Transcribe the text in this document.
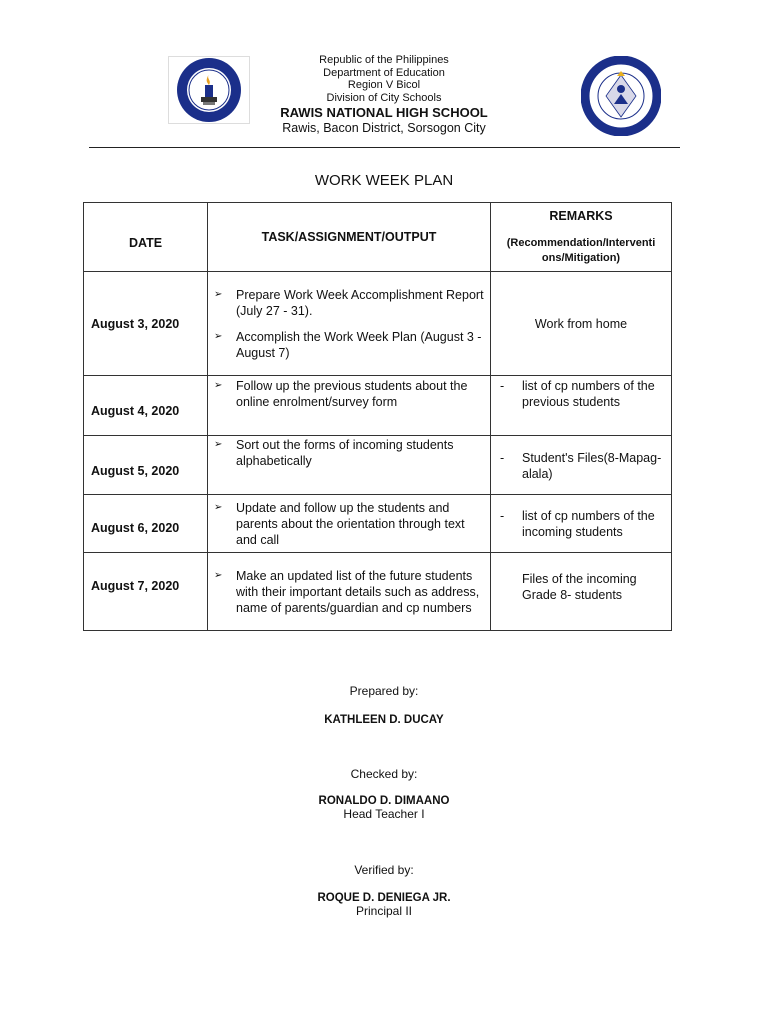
Republic of the Philippines
Department of Education
Region V Bicol
Division of City Schools
RAWIS NATIONAL HIGH SCHOOL
Rawis, Bacon District, Sorsogon City
WORK WEEK PLAN
DATE	TASK/ASSIGNMENT/OUTPUT	REMARKS
(Recommendation/Interventi ons/Mitigation)

August 3, 2020	➢ Prepare Work Week Accomplishment Report (July 27 - 31).
➢ Accomplish the Work Week Plan (August 3 - August 7)	Work from home
August 4, 2020	➢ Follow up the previous students about the online enrolment/survey form	- list of cp numbers of the previous students

August 5, 2020	➢ Sort out the forms of incoming students alphabetically	- Student's Files(8-Mapag-alala)

August 6, 2020	➢ Update and follow up the students and parents about the orientation through text and call	- list of cp numbers of the incoming students

August 7, 2020	➢ Make an updated list of the future students with their important details such as address, name of parents/guardian and cp numbers	Files of the incoming Grade 8- students
Prepared by:
KATHLEEN D. DUCAY
Checked by:
RONALDO D. DIMAANO
Head Teacher I
Verified by:
ROQUE D. DENIEGA JR.
Principal II
